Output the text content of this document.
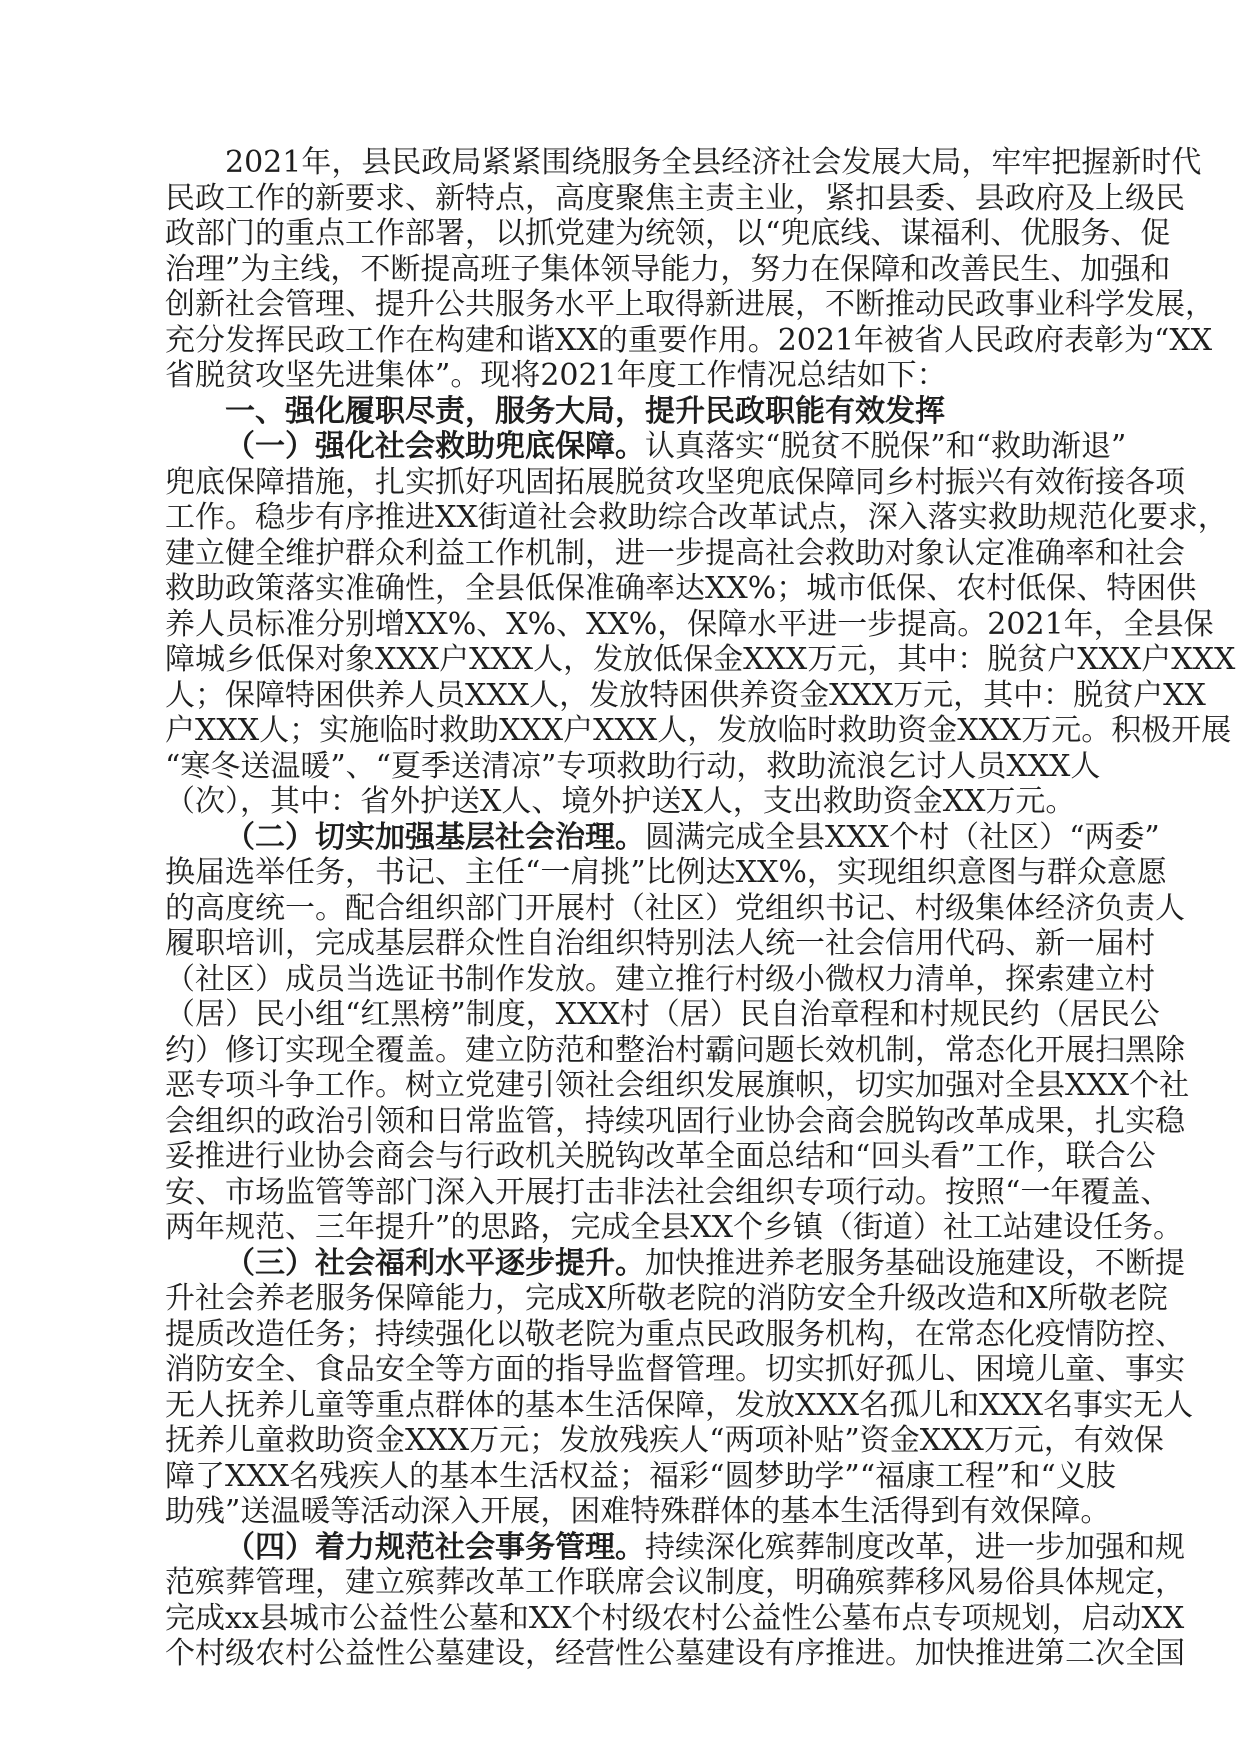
2021年，县民政局紧紧围绕服务全县经济社会发展大局，牢牢把握新时代
民政工作的新要求、新特点，高度聚焦主责主业，紧扣县委、县政府及上级民
政部门的重点工作部署，以抓党建为统领，以“兜底线、谋福利、优服务、促
治理”为主线，不断提高班子集体领导能力，努力在保障和改善民生、加强和
创新社会管理、提升公共服务水平上取得新进展，不断推动民政事业科学发展，
充分发挥民政工作在构建和谐XX的重要作用。2021年被省人民政府表彰为“XX
省脱贫攻坚先进集体”。现将2021年度工作情况总结如下：
一、强化履职尽责，服务大局，提升民政职能有效发挥
（一）强化社会救助兜底保障。认真落实“脱贫不脱保”和“救助渐退”
兜底保障措施，扎实抓好巩固拓展脱贫攻坚兜底保障同乡村振兴有效衔接各项
工作。稳步有序推进XX街道社会救助综合改革试点，深入落实救助规范化要求，
建立健全维护群众利益工作机制，进一步提高社会救助对象认定准确率和社会
救助政策落实准确性，全县低保准确率达XX%；城市低保、农村低保、特困供
养人员标准分别增XX%、X%、XX%，保障水平进一步提高。2021年，全县保
障城乡低保对象XXX户XXX人，发放低保金XXX万元，其中：脱贫户XXX户XXX
人；保障特困供养人员XXX人，发放特困供养资金XXX万元，其中：脱贫户XX
户XXX人；实施临时救助XXX户XXX人，发放临时救助资金XXX万元。积极开展
“寒冬送温暖”、“夏季送清凉”专项救助行动，救助流浪乞讨人员XXX人
（次），其中：省外护送X人、境外护送X人，支出救助资金XX万元。
（二）切实加强基层社会治理。圆满完成全县XXX个村（社区）“两委”
换届选举任务，书记、主任“一肩挑”比例达XX%，实现组织意图与群众意愿
的高度统一。配合组织部门开展村（社区）党组织书记、村级集体经济负责人
履职培训，完成基层群众性自治组织特别法人统一社会信用代码、新一届村
（社区）成员当选证书制作发放。建立推行村级小微权力清单，探索建立村
（居）民小组“红黑榜”制度，XXX村（居）民自治章程和村规民约（居民公
约）修订实现全覆盖。建立防范和整治村霸问题长效机制，常态化开展扫黑除
恶专项斗争工作。树立党建引领社会组织发展旗帜，切实加强对全县XXX个社
会组织的政治引领和日常监管，持续巩固行业协会商会脱钩改革成果，扎实稳
妥推进行业协会商会与行政机关脱钩改革全面总结和“回头看”工作，联合公
安、市场监管等部门深入开展打击非法社会组织专项行动。按照“一年覆盖、
两年规范、三年提升”的思路，完成全县XX个乡镇（街道）社工站建设任务。
（三）社会福利水平逐步提升。加快推进养老服务基础设施建设，不断提
升社会养老服务保障能力，完成X所敬老院的消防安全升级改造和X所敬老院
提质改造任务；持续强化以敬老院为重点民政服务机构，在常态化疫情防控、
消防安全、食品安全等方面的指导监督管理。切实抓好孤儿、困境儿童、事实
无人抚养儿童等重点群体的基本生活保障，发放XXX名孤儿和XXX名事实无人
抚养儿童救助资金XXX万元；发放残疾人“两项补贴”资金XXX万元，有效保
障了XXX名残疾人的基本生活权益；福彩“圆梦助学”“福康工程”和“义肢
助残”送温暖等活动深入开展，困难特殊群体的基本生活得到有效保障。
（四）着力规范社会事务管理。持续深化殡葬制度改革，进一步加强和规
范殡葬管理，建立殡葬改革工作联席会议制度，明确殡葬移风易俗具体规定，
完成xx县城市公益性公墓和XX个村级农村公益性公墓布点专项规划，启动XX
个村级农村公益性公墓建设，经营性公墓建设有序推进。加快推进第二次全国
